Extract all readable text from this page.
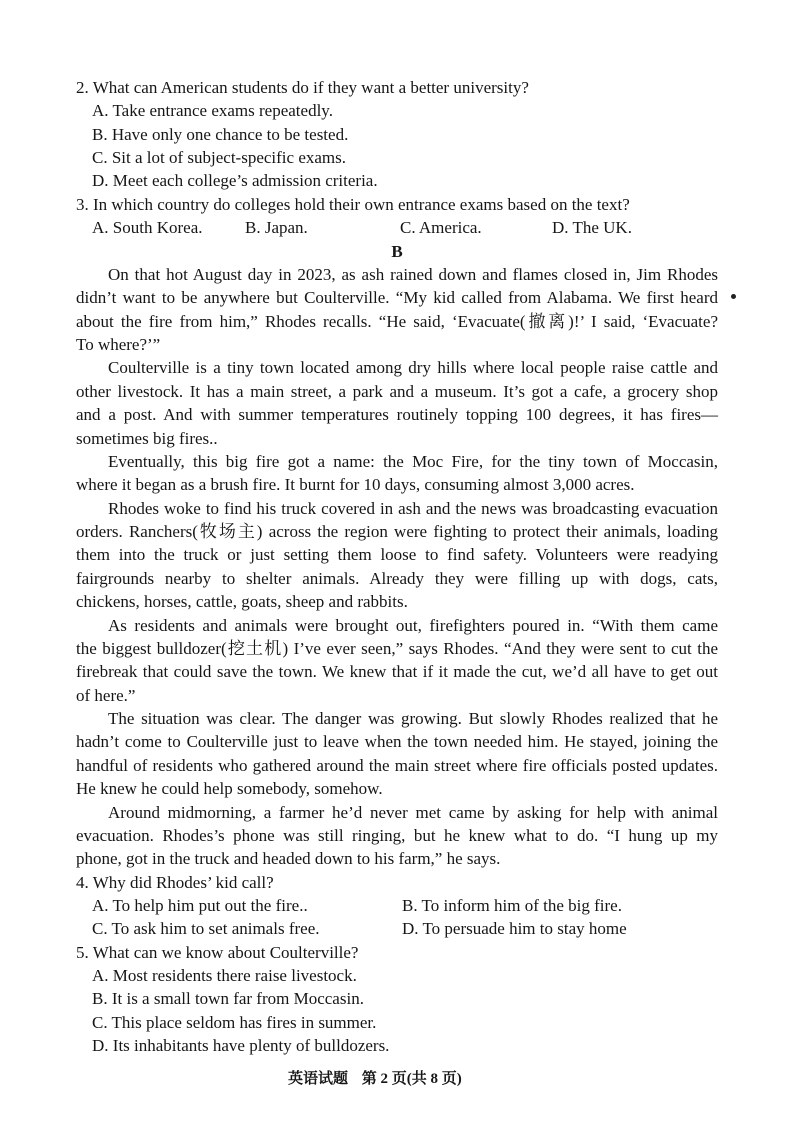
2. What can American students do if they want a better university?
A. Take entrance exams repeatedly.
B. Have only one chance to be tested.
C. Sit a lot of subject-specific exams.
D. Meet each college’s admission criteria.
3. In which country do colleges hold their own entrance exams based on the text?
A. South Korea.	B. Japan.	C. America.	D. The UK.
B
On that hot August day in 2023, as ash rained down and flames closed in, Jim Rhodes
didn’t want to be anywhere but Coulterville. “My kid called from Alabama. We first heard
about the fire from him,” Rhodes recalls. “He said, ‘Evacuate(撤离)!’ I said, ‘Evacuate?
To where?’”
Coulterville is a tiny town located among dry hills where local people raise cattle and
other livestock. It has a main street, a park and a museum. It’s got a cafe, a grocery shop
and a post. And with summer temperatures routinely topping 100 degrees, it has fires—
sometimes big fires..
Eventually, this big fire got a name: the Moc Fire, for the tiny town of Moccasin,
where it began as a brush fire. It burnt for 10 days, consuming almost 3,000 acres.
Rhodes woke to find his truck covered in ash and the news was broadcasting evacuation
orders. Ranchers(牧场主) across the region were fighting to protect their animals, loading
them into the truck or just setting them loose to find safety. Volunteers were readying
fairgrounds nearby to shelter animals. Already they were filling up with dogs, cats,
chickens, horses, cattle, goats, sheep and rabbits.
As residents and animals were brought out, firefighters poured in. “With them came
the biggest bulldozer(挖土机) I’ve ever seen,” says Rhodes. “And they were sent to cut the
firebreak that could save the town. We knew that if it made the cut, we’d all have to get out
of here.”
The situation was clear. The danger was growing. But slowly Rhodes realized that he
hadn’t come to Coulterville just to leave when the town needed him. He stayed, joining the
handful of residents who gathered around the main street where fire officials posted updates.
He knew he could help somebody, somehow.
Around midmorning, a farmer he’d never met came by asking for help with animal
evacuation. Rhodes’s phone was still ringing, but he knew what to do. “I hung up my
phone, got in the truck and headed down to his farm,” he says.
4. Why did Rhodes’ kid call?
A. To help him put out the fire..	B. To inform him of the big fire.
C. To ask him to set animals free.	D. To persuade him to stay home
5. What can we know about Coulterville?
A. Most residents there raise livestock.
B. It is a small town far from Moccasin.
C. This place seldom has fires in summer.
D. Its inhabitants have plenty of bulldozers.
英语试题 第 2 页(共 8 页)
